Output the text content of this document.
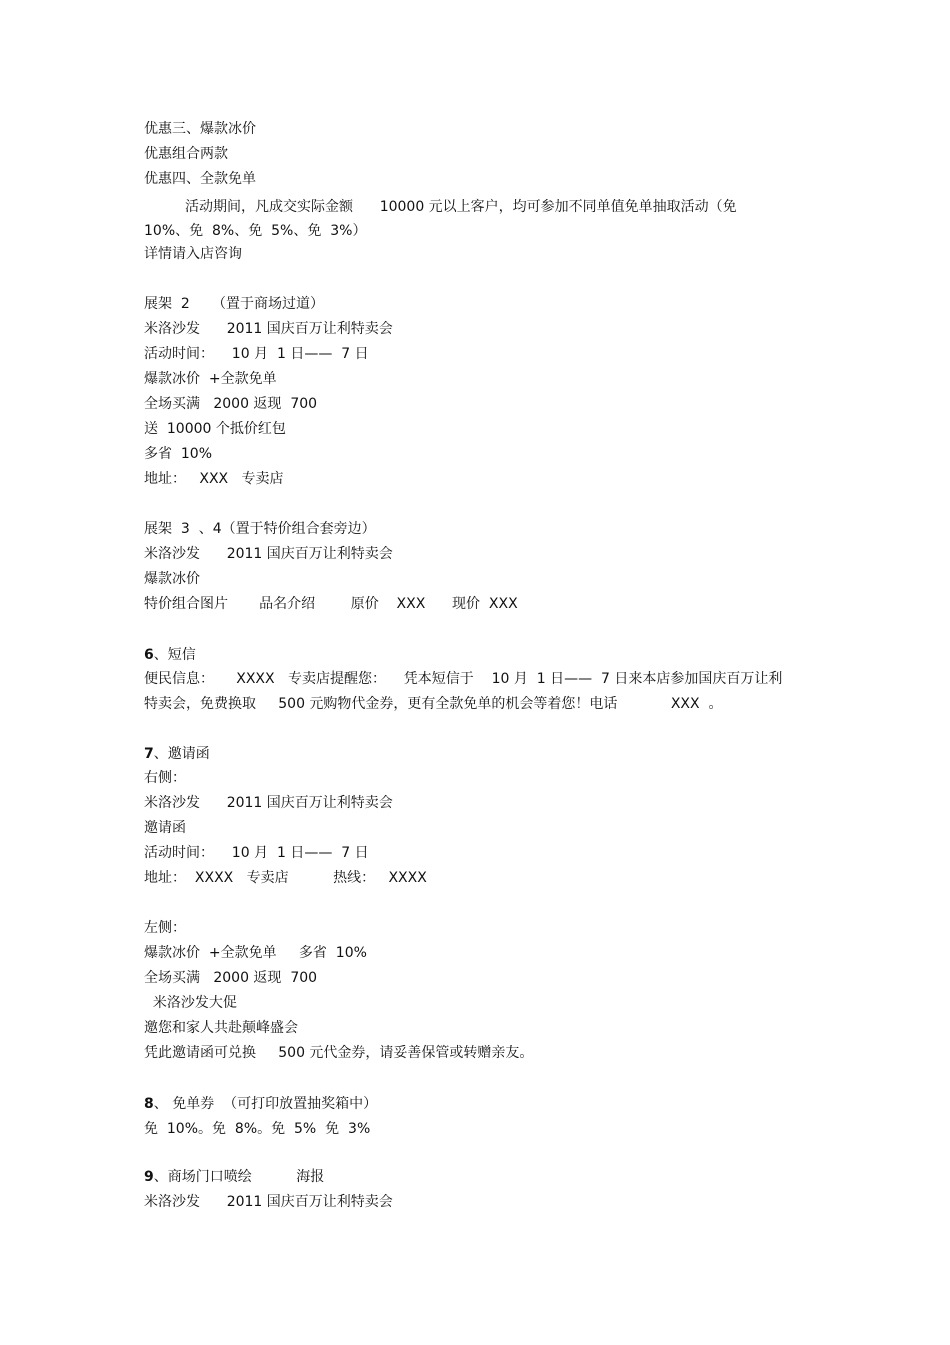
优惠三、爆款冰价
优惠组合两款
优惠四、全款免单
活动期间，凡成交实际金额      10000 元以上客户，均可参加不同单值免单抽取活动（免
10%、免  8%、免  5%、免  3%）
详情请入店咨询
展架  2     （置于商场过道）
米洛沙发      2011 国庆百万让利特卖会
活动时间：    10 月  1 日——  7 日
爆款冰价  +全款免单
全场买满   2000 返现  700
送  10000 个抵价红包
多省  10%
地址：   XXX   专卖店
展架  3  、4（置于特价组合套旁边）
米洛沙发      2011 国庆百万让利特卖会
爆款冰价
特价组合图片       品名介绍        原价    XXX      现价  XXX
6、短信
便民信息：     XXXX   专卖店提醒您：    凭本短信于    10 月  1 日——  7 日来本店参加国庆百万让利
特卖会，免费换取     500 元购物代金券，更有全款免单的机会等着您！电话            XXX  。
7、邀请函
右侧：
米洛沙发      2011 国庆百万让利特卖会
邀请函
活动时间：    10 月  1 日——  7 日
地址：  XXXX   专卖店          热线：   XXXX
左侧：
爆款冰价  +全款免单     多省  10%
全场买满   2000 返现  700
米洛沙发大促
邀您和家人共赴颠峰盛会
凭此邀请函可兑换     500 元代金券，请妥善保管或转赠亲友。
8、 免单券  （可打印放置抽奖箱中）
免  10%。免  8%。免  5%  免  3%
9、商场门口喷绘          海报
米洛沙发      2011 国庆百万让利特卖会
